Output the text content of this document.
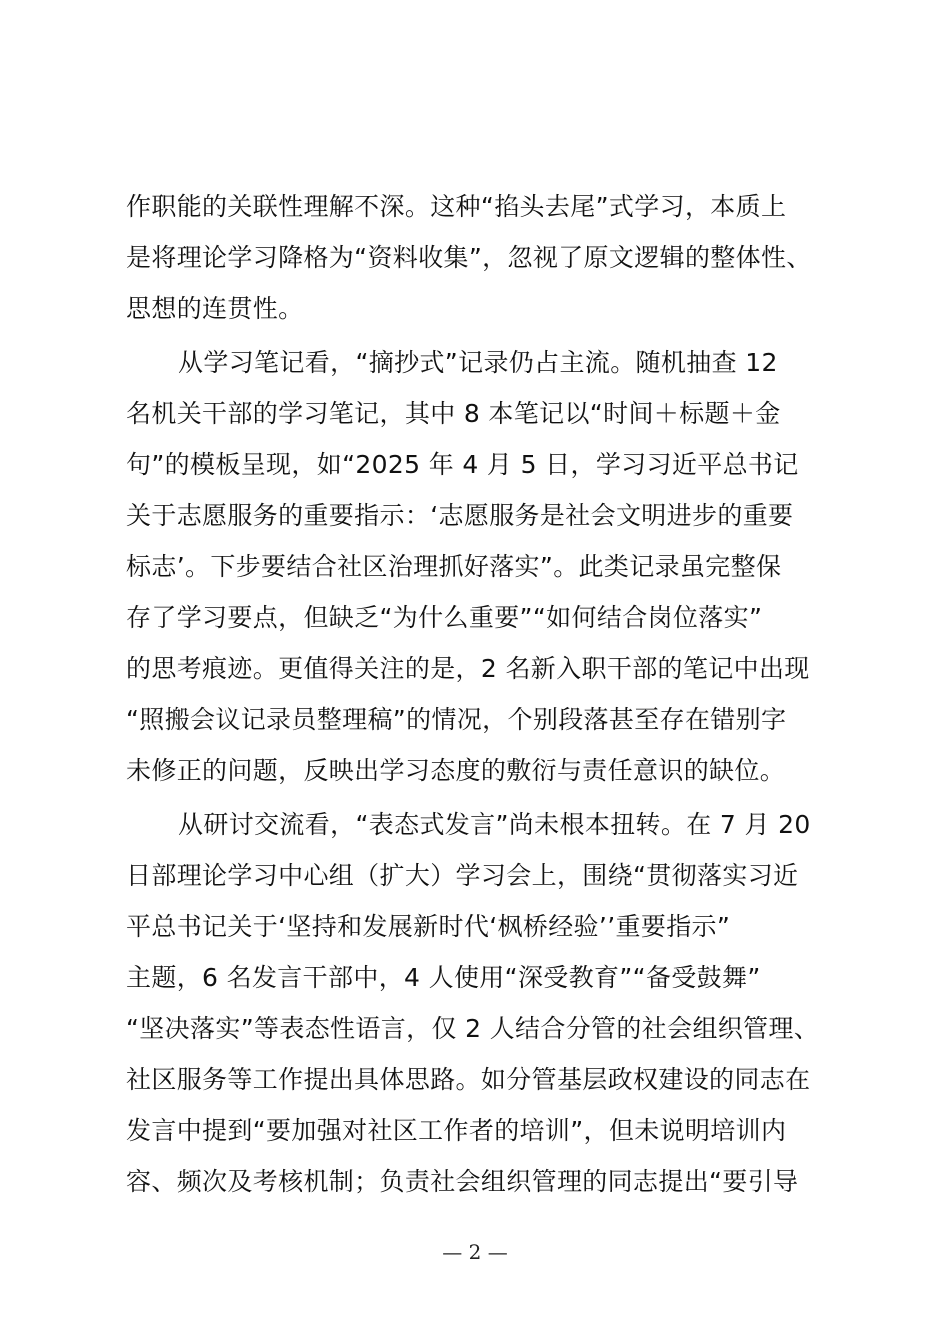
作职能的关联性理解不深。这种“掐头去尾”式学习，本质上
是将理论学习降格为“资料收集”，忽视了原文逻辑的整体性、
思想的连贯性。
从学习笔记看，“摘抄式”记录仍占主流。随机抽查 12
名机关干部的学习笔记，其中 8 本笔记以“时间＋标题＋金
句”的模板呈现，如“2025 年 4 月 5 日，学习习近平总书记
关于志愿服务的重要指示：‘志愿服务是社会文明进步的重要
标志’。下步要结合社区治理抓好落实”。此类记录虽完整保
存了学习要点，但缺乏“为什么重要”“如何结合岗位落实”
的思考痕迹。更值得关注的是，2 名新入职干部的笔记中出现
“照搬会议记录员整理稿”的情况，个别段落甚至存在错别字
未修正的问题，反映出学习态度的敷衍与责任意识的缺位。
从研讨交流看，“表态式发言”尚未根本扭转。在 7 月 20
日部理论学习中心组（扩大）学习会上，围绕“贯彻落实习近
平总书记关于‘坚持和发展新时代‘枫桥经验’’重要指示”
主题，6 名发言干部中，4 人使用“深受教育”“备受鼓舞”
“坚决落实”等表态性语言，仅 2 人结合分管的社会组织管理、
社区服务等工作提出具体思路。如分管基层政权建设的同志在
发言中提到“要加强对社区工作者的培训”，但未说明培训内
容、频次及考核机制；负责社会组织管理的同志提出“要引导
— 2 —
